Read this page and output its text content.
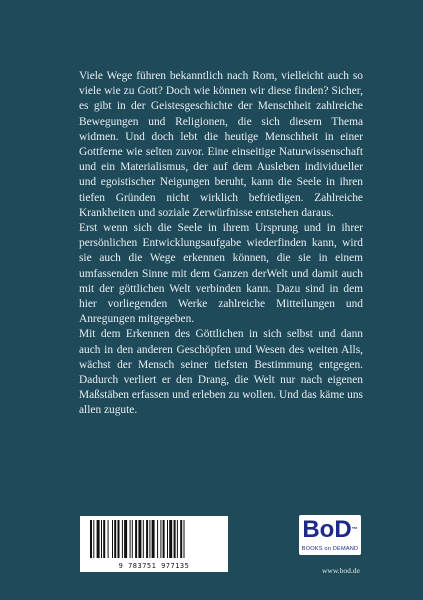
Viele Wege führen bekanntlich nach Rom, vielleicht auch so viele wie zu Gott? Doch wie können wir diese finden? Sicher, es gibt in der Geistesgeschichte der Menschheit zahlreiche Bewegungen und Religionen, die sich diesem Thema widmen. Und doch lebt die heutige Menschheit in einer Gottferne wie selten zuvor. Eine einseitige Naturwissenschaft und ein Materialismus, der auf dem Ausleben individueller und egoistischer Neigungen beruht, kann die Seele in ihren tiefen Gründen nicht wirklich befriedigen. Zahlreiche Krankheiten und soziale Zerwürfnisse entstehen daraus.

Erst wenn sich die Seele in ihrem Ursprung und in ihrer persönlichen Entwicklungsaufgabe wiederfinden kann, wird sie auch die Wege erkennen können, die sie in einem umfassenden Sinne mit dem Ganzen derWelt und damit auch mit der göttlichen Welt verbinden kann. Dazu sind in dem hier vorliegenden Werke zahlreiche Mitteilungen und Anregungen mitgegeben.

Mit dem Erkennen des Göttlichen in sich selbst und dann auch in den anderen Geschöpfen und Wesen des weiten Alls, wächst der Mensch seiner tiefsten Bestimmung entgegen. Dadurch verliert er den Drang, die Welt nur nach eigenen Maßstäben erfassen und erleben zu wollen. Und das käme uns allen zugute.

9 783751 977135
BoD™
BOOKS on DEMAND
www.bod.de
